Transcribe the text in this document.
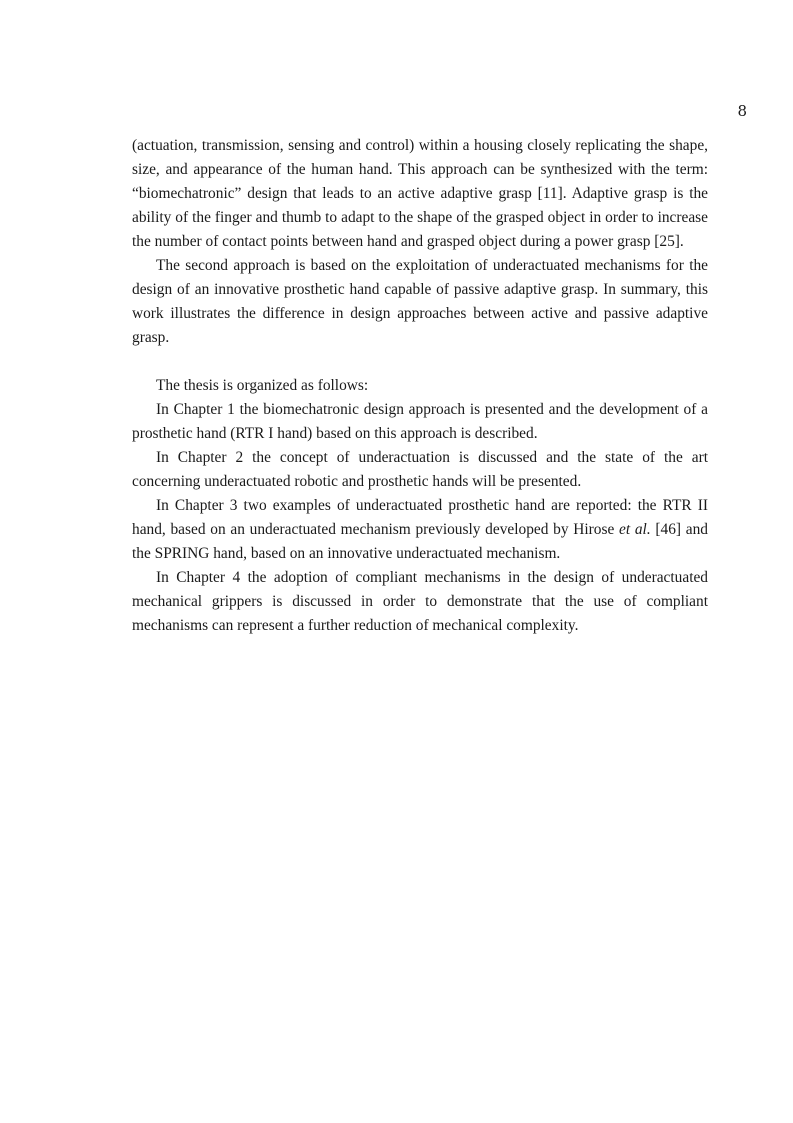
8

(actuation, transmission, sensing and control) within a housing closely replicating the shape, size, and appearance of the human hand. This approach can be synthesized with the term: “biomechatronic” design that leads to an active adaptive grasp [11]. Adaptive grasp is the ability of the finger and thumb to adapt to the shape of the grasped object in order to increase the number of contact points between hand and grasped object during a power grasp [25].

The second approach is based on the exploitation of underactuated mechanisms for the design of an innovative prosthetic hand capable of passive adaptive grasp. In summary, this work illustrates the difference in design approaches between active and passive adaptive grasp.

The thesis is organized as follows:

In Chapter 1 the biomechatronic design approach is presented and the development of a prosthetic hand (RTR I hand) based on this approach is described.

In Chapter 2 the concept of underactuation is discussed and the state of the art concerning underactuated robotic and prosthetic hands will be presented.

In Chapter 3 two examples of underactuated prosthetic hand are reported: the RTR II hand, based on an underactuated mechanism previously developed by Hirose et al. [46] and the SPRING hand, based on an innovative underactuated mechanism.

In Chapter 4 the adoption of compliant mechanisms in the design of underactuated mechanical grippers is discussed in order to demonstrate that the use of compliant mechanisms can represent a further reduction of mechanical complexity.
